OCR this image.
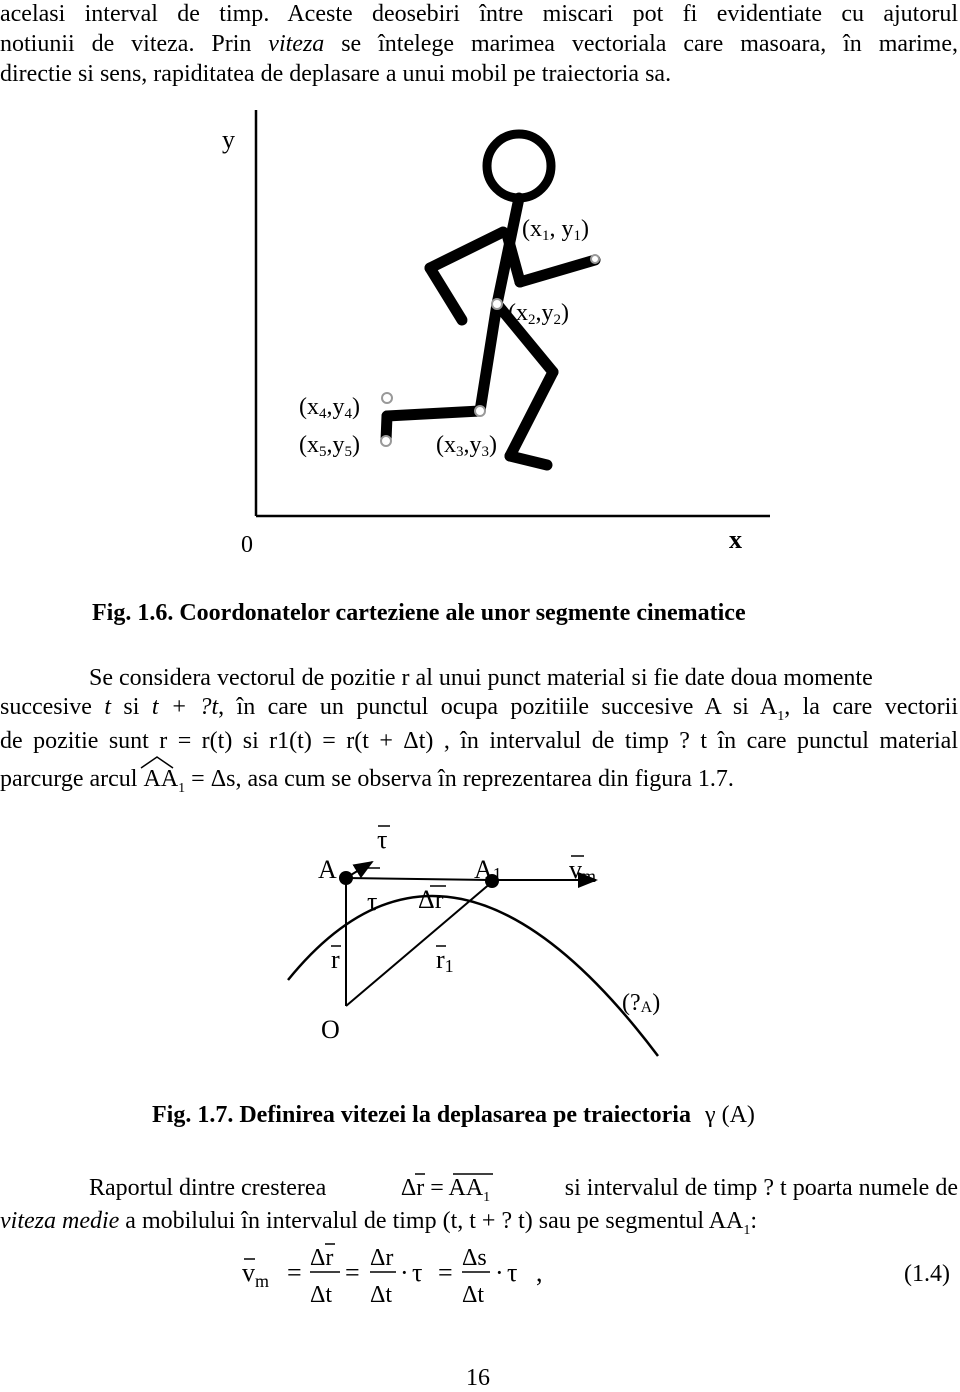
acelasi interval de timp. Aceste deosebiri între miscari pot fi evidentiate cu ajutorul
notiunii de viteza. Prin viteza se întelege marimea vectoriala care masoara, în marime,
directie si sens, rapiditatea de deplasare a unui mobil pe traiectoria sa.
y
x
0
(x1, y1)
(x2,y2)
(x3,y3)
(x4,y4)
(x5,y5)
Fig. 1.6. Coordonatelor carteziene ale unor segmente cinematice
Se considera vectorul de pozitie r al unui punct material si fie date doua momente
succesive t si t + ?t, în care un punctul ocupa pozitiile succesive A si $A_1$, la care vectorii
de pozitie sunt r = r(t) si r1(t) = r(t + Δt) , în intervalul de timp ? t în care punctul material
parcurge arcul
$AA_1 = \Delta s$, asa cum se observa în reprezentarea din figura 1.7.
τ
A	A1	vm
τ Δr
r	r1
O
(?A)
Fig. 1.7. Definirea vitezei la deplasarea pe traiectoria γ (A)
Raportul dintre cresterea	Δr = AA
$_1$	si intervalul de timp ? t poarta numele de
viteza medie a mobilului în intervalul de timp (t, t + ? t) sau pe segmentul $AA_1$:
$v_m = \Delta r$
Δt
= Δr
Δt
· τ = Δs
Δt
· τ ,	(1.4)
16
